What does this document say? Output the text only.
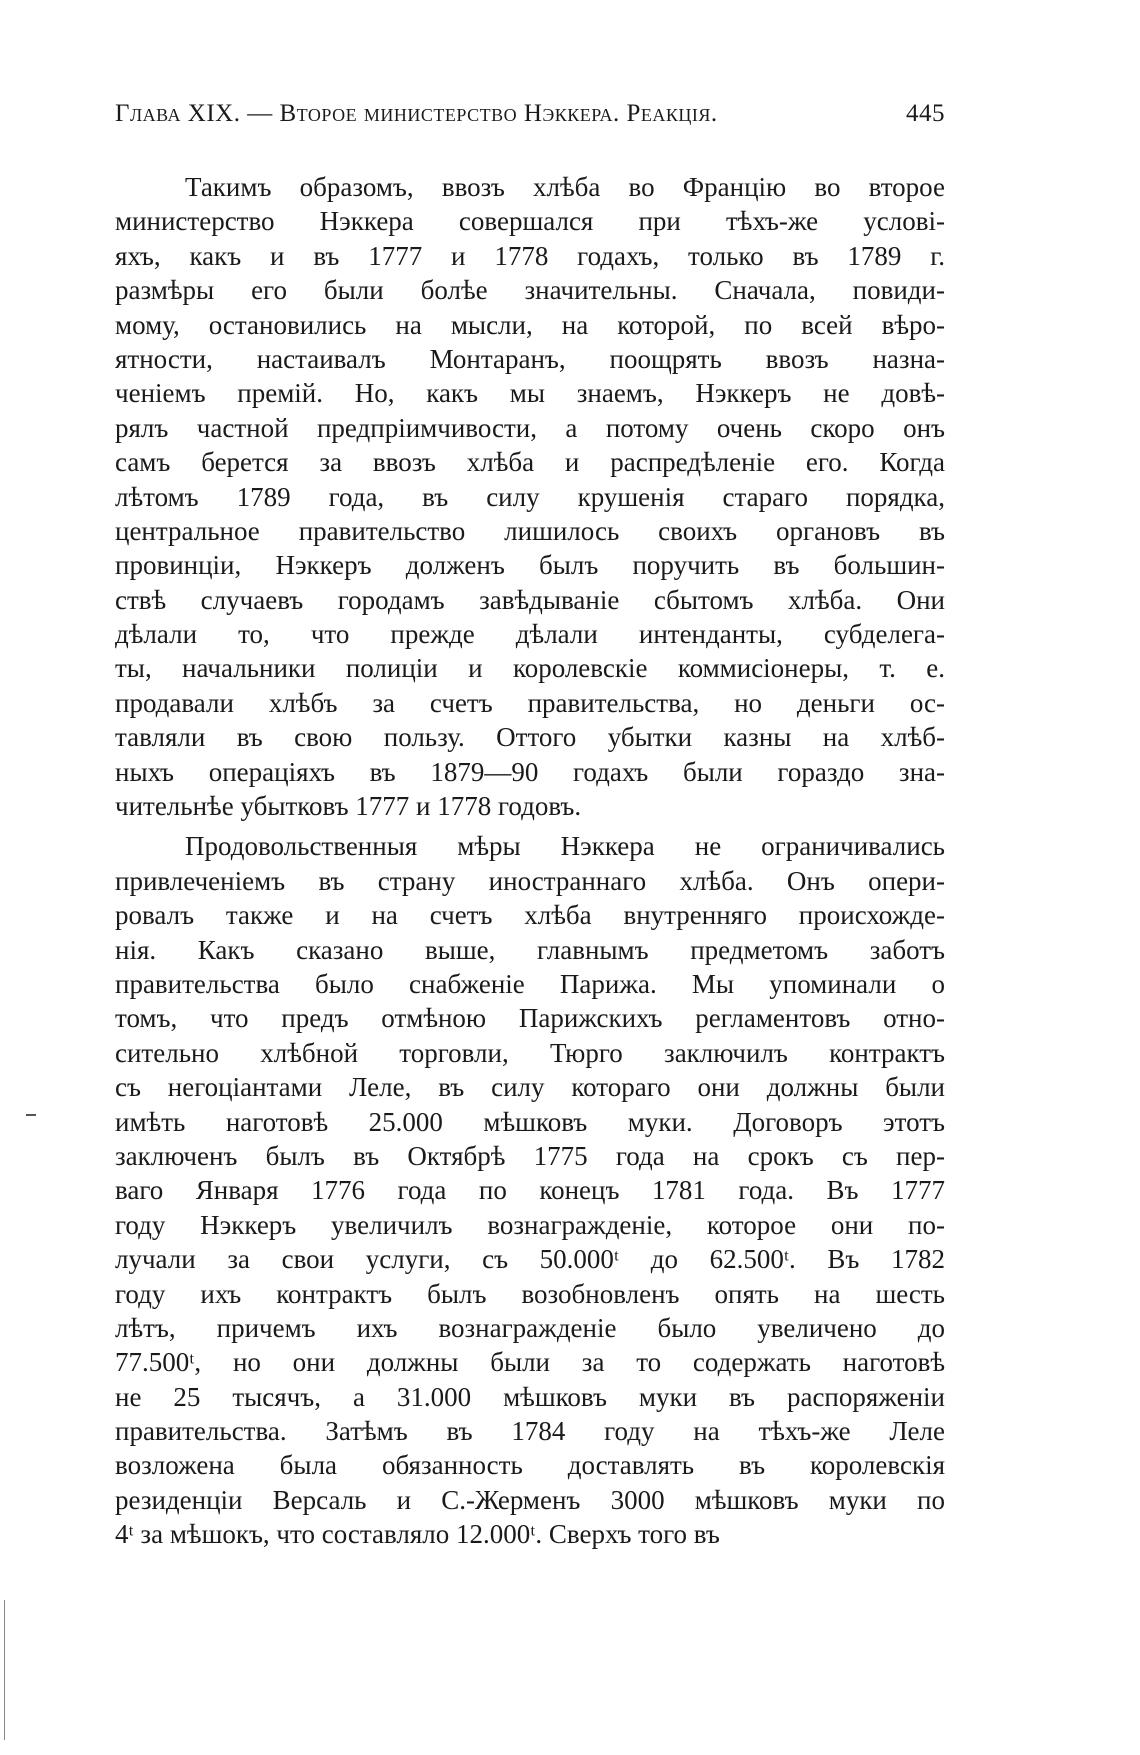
Глава XIX. — Второе министерство Нэккера. Реакція.	445
Такимъ образомъ, ввозъ хлѣба во Францію во второе
министерство Нэккера совершался при тѣхъ-же условi-
яхъ, какъ и въ 1777 и 1778 годахъ, только въ 1789 г.
размѣры его были болѣе значительны. Сначала, повиди-
мому, остановились на мысли, на которой, по всей вѣро-
ятности, настаивалъ Монтаранъ, поощрять ввозъ назна-
ченіемъ премій. Но, какъ мы знаемъ, Нэккеръ не довѣ-
рялъ частной предпріимчивости, а потому очень скоро онъ
самъ берется за ввозъ хлѣба и распредѣленіе его. Когда
лѣтомъ 1789 года, въ силу крушенія стараго порядка,
центральное правительство лишилось своихъ органовъ въ
провинціи, Нэккеръ долженъ былъ поручить въ большин-
ствѣ случаевъ городамъ завѣдываніе сбытомъ хлѣба. Они
дѣлали то, что прежде дѣлали интенданты, субделега-
ты, начальники полиціи и королевскіе коммисіонеры, т. е.
продавали хлѣбъ за счетъ правительства, но деньги ос-
тавляли въ свою пользу. Оттого убытки казны на хлѣб-
ныхъ операціяхъ въ 1879—90 годахъ были гораздо зна-
чительнѣе убытковъ 1777 и 1778 годовъ.
Продовольственныя мѣры Нэккера не ограничивались
привлеченіемъ въ страну иностраннаго хлѣба. Онъ опери-
ровалъ также и на счетъ хлѣба внутренняго происхожде-
нія. Какъ сказано выше, главнымъ предметомъ заботъ
правительства было снабженіе Парижа. Мы упоминали о
томъ, что предъ отмѣною Парижскихъ регламентовъ отно-
сительно хлѣбной торговли, Тюрго заключилъ контрактъ
съ негоціантами Леле, въ силу котораго они должны были
имѣть наготовѣ 25.000 мѣшковъ муки. Договоръ этотъ
заключенъ былъ въ Октябрѣ 1775 года на срокъ съ пер-
ваго Января 1776 года по конецъ 1781 года. Въ 1777
году Нэккеръ увеличилъ вознагражденіе, которое они по-
лучали за свои услуги, съ 50.000ᵗ до 62.500ᵗ. Въ 1782
году ихъ контрактъ былъ возобновленъ опять на шесть
лѣтъ, причемъ ихъ вознагражденіе было увеличено до
77.500ᵗ, но они должны были за то содержать наготовѣ
не 25 тысячъ, а 31.000 мѣшковъ муки въ распоряженіи
правительства. Затѣмъ въ 1784 году на тѣхъ-же Леле
возложена была обязанность доставлять въ королевскія
резиденціи Версаль и С.-Жерменъ 3000 мѣшковъ муки по
4ᵗ за мѣшокъ, что составляло 12.000ᵗ. Сверхъ того въ
